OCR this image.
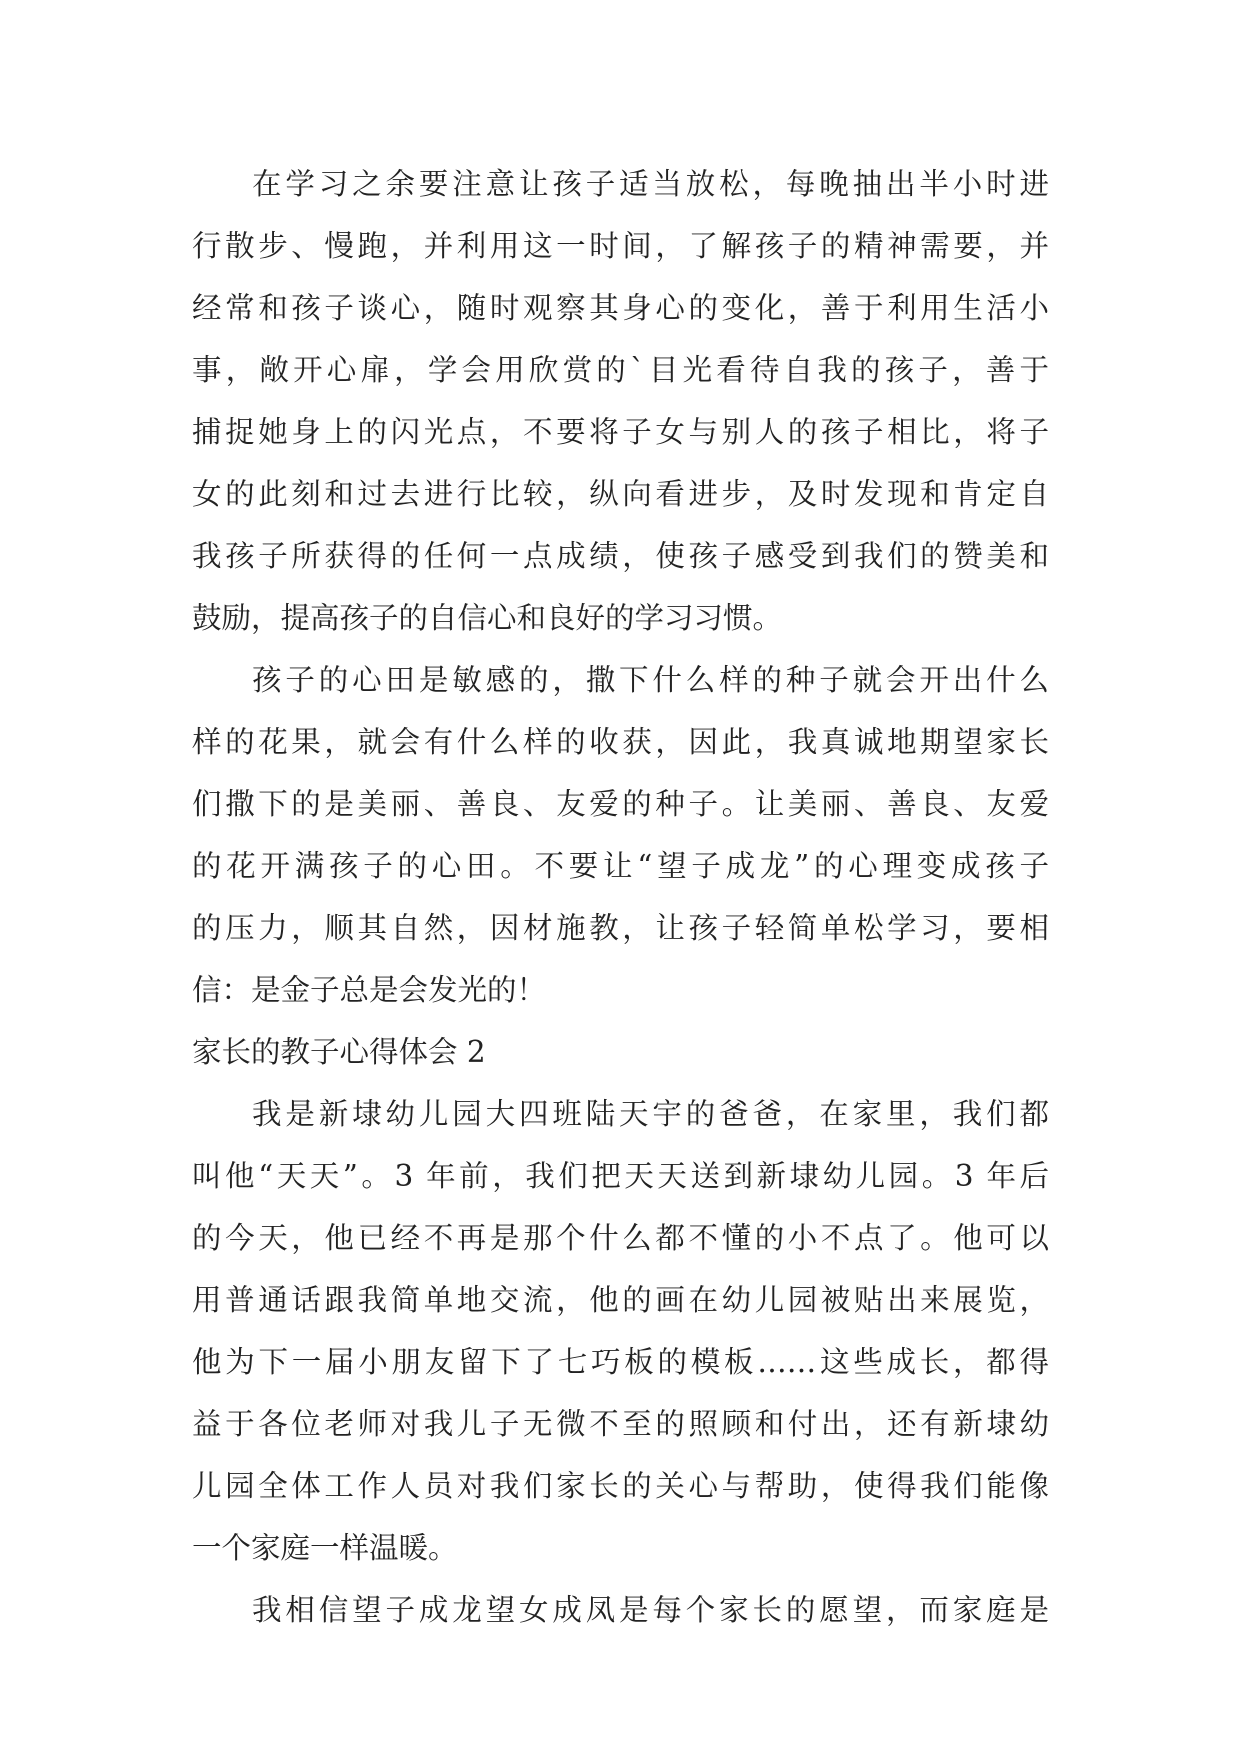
在学习之余要注意让孩子适当放松，每晚抽出半小时进
行散步、慢跑，并利用这一时间，了解孩子的精神需要，并
经常和孩子谈心，随时观察其身心的变化，善于利用生活小
事，敞开心扉，学会用欣赏的`目光看待自我的孩子，善于
捕捉她身上的闪光点，不要将子女与别人的孩子相比，将子
女的此刻和过去进行比较，纵向看进步，及时发现和肯定自
我孩子所获得的任何一点成绩，使孩子感受到我们的赞美和
鼓励，提高孩子的自信心和良好的学习习惯。
孩子的心田是敏感的，撒下什么样的种子就会开出什么
样的花果，就会有什么样的收获，因此，我真诚地期望家长
们撒下的是美丽、善良、友爱的种子。让美丽、善良、友爱
的花开满孩子的心田。不要让“望子成龙”的心理变成孩子
的压力，顺其自然，因材施教，让孩子轻简单松学习，要相
信：是金子总是会发光的！
家长的教子心得体会 2
我是新埭幼儿园大四班陆天宇的爸爸，在家里，我们都
叫他“天天”。3 年前，我们把天天送到新埭幼儿园。3 年后
的今天，他已经不再是那个什么都不懂的小不点了。他可以
用普通话跟我简单地交流，他的画在幼儿园被贴出来展览，
他为下一届小朋友留下了七巧板的模板……这些成长，都得
益于各位老师对我儿子无微不至的照顾和付出，还有新埭幼
儿园全体工作人员对我们家长的关心与帮助，使得我们能像
一个家庭一样温暖。
我相信望子成龙望女成凤是每个家长的愿望，而家庭是
